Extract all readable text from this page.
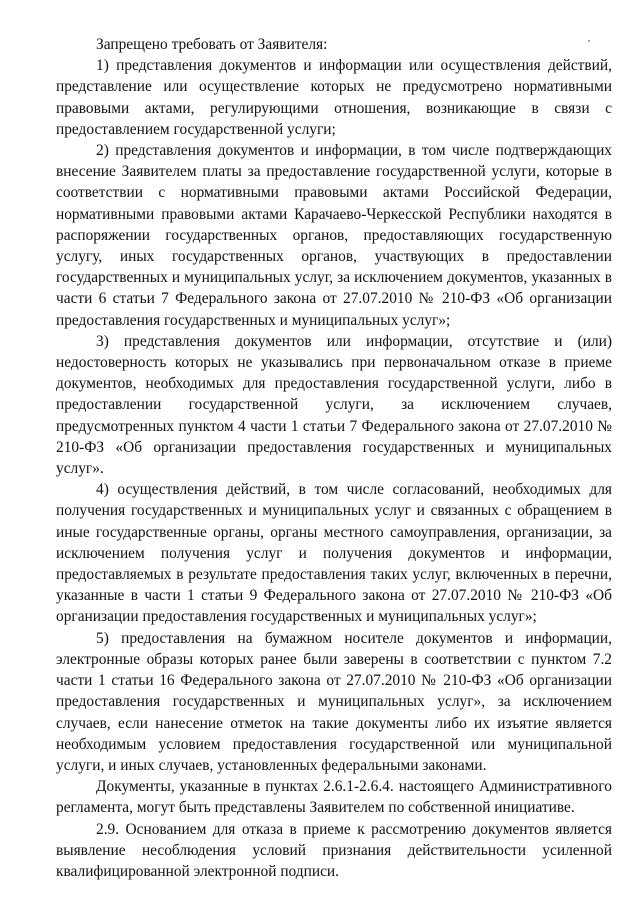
Запрещено требовать от Заявителя:

1) представления документов и информации или осуществления действий, представление или осуществление которых не предусмотрено нормативными правовыми актами, регулирующими отношения, возникающие в связи с предоставлением государственной услуги;

2) представления документов и информации, в том числе подтверждающих внесение Заявителем платы за предоставление государственной услуги, которые в соответствии с нормативными правовыми актами Российской Федерации, нормативными правовыми актами Карачаево-Черкесской Республики находятся в распоряжении государственных органов, предоставляющих государственную услугу, иных государственных органов, участвующих в предоставлении государственных и муниципальных услуг, за исключением документов, указанных в части 6 статьи 7 Федерального закона от 27.07.2010 № 210-ФЗ «Об организации предоставления государственных и муниципальных услуг»;

3) представления документов или информации, отсутствие и (или) недостоверность которых не указывались при первоначальном отказе в приеме документов, необходимых для предоставления государственной услуги, либо в предоставлении государственной услуги, за исключением случаев, предусмотренных пунктом 4 части 1 статьи 7 Федерального закона от 27.07.2010 № 210-ФЗ «Об организации предоставления государственных и муниципальных услуг».

4) осуществления действий, в том числе согласований, необходимых для получения государственных и муниципальных услуг и связанных с обращением в иные государственные органы, органы местного самоуправления, организации, за исключением получения услуг и получения документов и информации, предоставляемых в результате предоставления таких услуг, включенных в перечни, указанные в части 1 статьи 9 Федерального закона от 27.07.2010 № 210-ФЗ «Об организации предоставления государственных и муниципальных услуг»;

5) предоставления на бумажном носителе документов и информации, электронные образы которых ранее были заверены в соответствии с пунктом 7.2 части 1 статьи 16 Федерального закона от 27.07.2010 № 210-ФЗ «Об организации предоставления государственных и муниципальных услуг», за исключением случаев, если нанесение отметок на такие документы либо их изъятие является необходимым условием предоставления государственной или муниципальной услуги, и иных случаев, установленных федеральными законами.

Документы, указанные в пунктах 2.6.1-2.6.4. настоящего Административного регламента, могут быть представлены Заявителем по собственной инициативе.

2.9. Основанием для отказа в приеме к рассмотрению документов является выявление несоблюдения условий признания действительности усиленной квалифицированной электронной подписи.
